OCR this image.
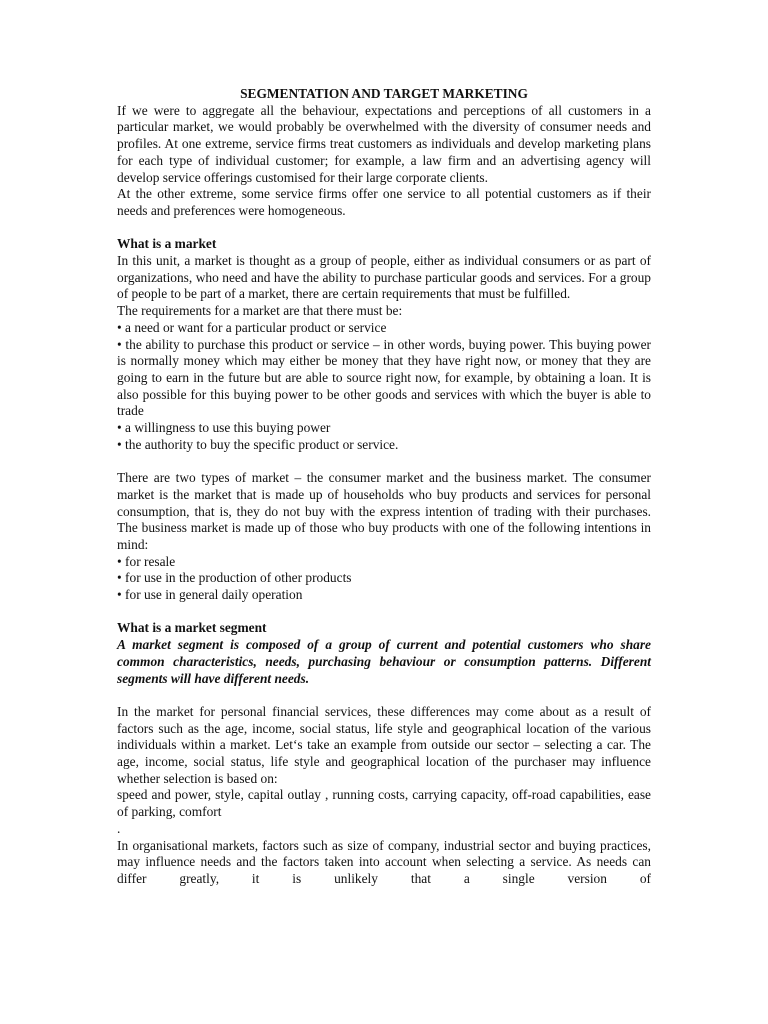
SEGMENTATION AND TARGET MARKETING

If we were to aggregate all the behaviour, expectations and perceptions of all customers in a particular market, we would probably be overwhelmed with the diversity of consumer needs and profiles. At one extreme, service firms treat customers as individuals and develop marketing plans for each type of individual customer; for example, a law firm and an advertising agency will develop service offerings customised for their large corporate clients.

At the other extreme, some service firms offer one service to all potential customers as if their needs and preferences were homogeneous.

What is a market

In this unit, a market is thought as a group of people, either as individual consumers or as part of organizations, who need and have the ability to purchase particular goods and services. For a group of people to be part of a market, there are certain requirements that must be fulfilled.

The requirements for a market are that there must be:

• a need or want for a particular product or service

• the ability to purchase this product or service – in other words, buying power. This buying power is normally money which may either be money that they have right now, or money that they are going to earn in the future but are able to source right now, for example, by obtaining a loan. It is also possible for this buying power to be other goods and services with which the buyer is able to trade

• a willingness to use this buying power

• the authority to buy the specific product or service.

There are two types of market – the consumer market and the business market. The consumer market is the market that is made up of households who buy products and services for personal consumption, that is, they do not buy with the express intention of trading with their purchases. The business market is made up of those who buy products with one of the following intentions in mind:

• for resale

• for use in the production of other products

• for use in general daily operation

What is a market segment

A market segment is composed of a group of current and potential customers who share common characteristics, needs, purchasing behaviour or consumption patterns. Different segments will have different needs.

In the market for personal financial services, these differences may come about as a result of factors such as the age, income, social status, life style and geographical location of the various individuals within a market. Let‘s take an example from outside our sector – selecting a car. The age, income, social status, life style and geographical location of the purchaser may influence whether selection is based on:

speed and power, style, capital outlay , running costs, carrying capacity, off-road capabilities, ease of parking, comfort

.

In organisational markets, factors such as size of company, industrial sector and buying practices, may influence needs and the factors taken into account when selecting a service. As needs can differ greatly, it is unlikely that a single version of
